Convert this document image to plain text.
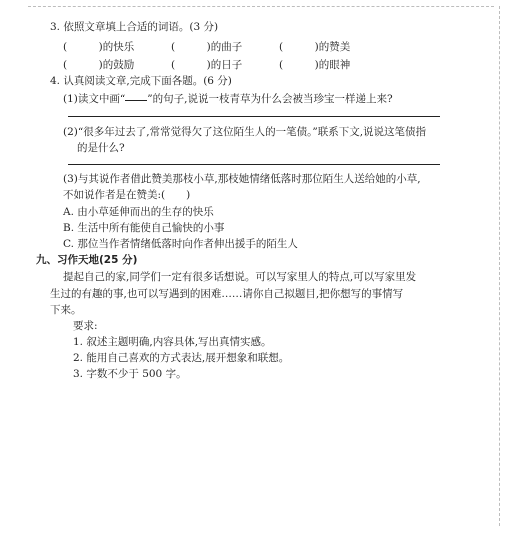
3. 依照文章填上合适的词语。(3 分)
(　　　)的快乐	(　　　)的曲子	(　　　)的赞美
(　　　)的鼓励	(　　　)的日子	(　　　)的眼神
4. 认真阅读文章,完成下面各题。(6 分)
(1)读文中画“ ”的句子,说说一枝青草为什么会被当珍宝一样递上来?
(2)“很多年过去了,常常觉得欠了这位陌生人的一笔债。”联系下文,说说这笔债指
的是什么?
(3)与其说作者借此赞美那枝小草,那枝她情绪低落时那位陌生人送给她的小草,
不如说作者是在赞美:(　　)
A. 由小草延伸而出的生存的快乐
B. 生活中所有能使自己愉快的小事
C. 那位当作者情绪低落时向作者伸出援手的陌生人
九、习作天地(25 分)
提起自己的家,同学们一定有很多话想说。可以写家里人的特点,可以写家里发
生过的有趣的事,也可以写遇到的困难……请你自己拟题目,把你想写的事情写
下来。
要求:
1. 叙述主题明确,内容具体,写出真情实感。
2. 能用自己喜欢的方式表达,展开想象和联想。
3. 字数不少于 500 字。
